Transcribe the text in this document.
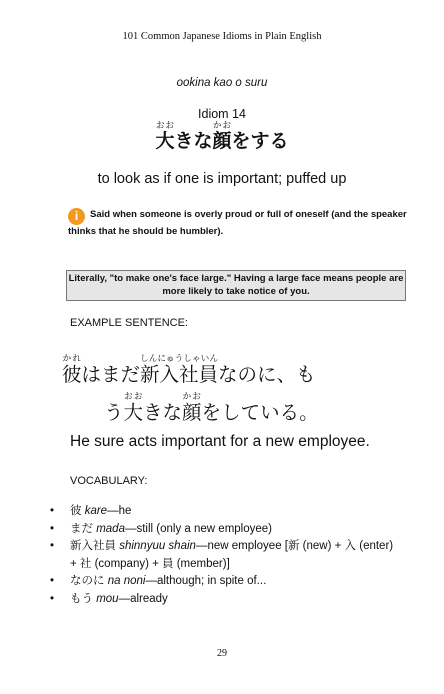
101 Common Japanese Idioms in Plain English
ookina kao o suru
Idiom 14
大おおきな顔かおをする
to look as if one is important; puffed up
i Said when someone is overly proud or full of oneself (and the speaker thinks that he should be humbler).
Literally, "to make one's face large." Having a large face means people are more likely to take notice of you.
EXAMPLE SENTENCE:
彼かれはまだ新入社員しんにゅうしゃいんなのに、も
う大おおきな顔かおをしている。
He sure acts important for a new employee.
VOCABULARY:
• 彼 kare—he
• まだ mada—still (only a new employee)
• 新入社員 shinnyuu shain—new employee [新 (new) + 入 (enter) + 社 (company) + 員 (member)]
• なのに na noni—although; in spite of...
• もう mou—already
29
